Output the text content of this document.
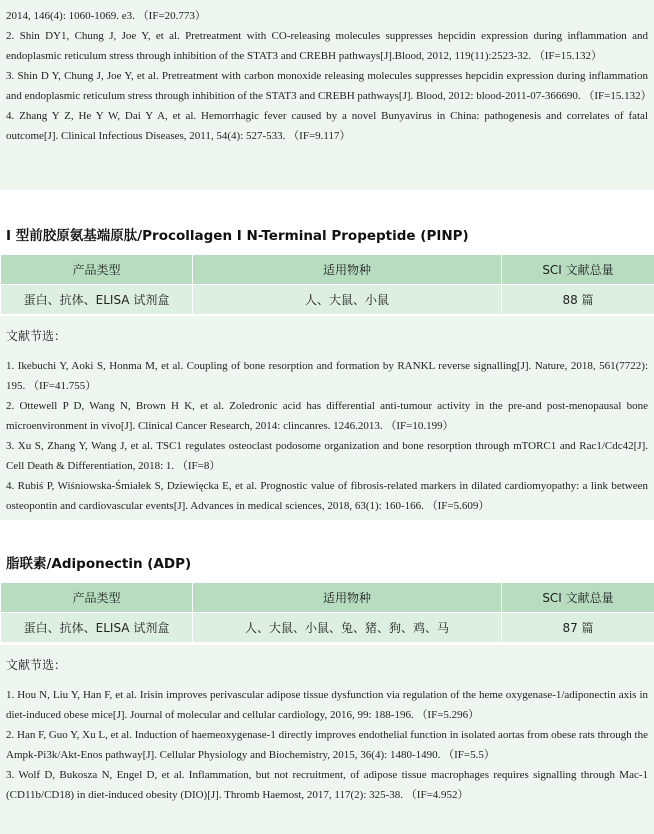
2014, 146(4): 1060-1069. e3. （IF=20.773）

2. Shin DY1, Chung J, Joe Y, et al. Pretreatment with CO-releasing molecules suppresses hepcidin expression during inflammation and endoplasmic reticulum stress through inhibition of the STAT3 and CREBH pathways[J].Blood, 2012, 119(11):2523-32. （IF=15.132）

3. Shin D Y, Chung J, Joe Y, et al. Pretreatment with carbon monoxide releasing molecules suppresses hepcidin expression during inflammation and endoplasmic reticulum stress through inhibition of the STAT3 and CREBH pathways[J]. Blood, 2012: blood-2011-07-366690. （IF=15.132）

4. Zhang Y Z, He Y W, Dai Y A, et al. Hemorrhagic fever caused by a novel Bunyavirus in China: pathogenesis and correlates of fatal outcome[J]. Clinical Infectious Diseases, 2011, 54(4): 527-533. （IF=9.117）

I 型前胶原氨基端原肽/Procollagen I N-Terminal Propeptide (PINP)
产品类型	适用物种	SCI 文献总量
蛋白、抗体、ELISA 试剂盒	人、大鼠、小鼠	88 篇

文献节选：

1. Ikebuchi Y, Aoki S, Honma M, et al. Coupling of bone resorption and formation by RANKL reverse signalling[J]. Nature, 2018, 561(7722): 195. （IF=41.755）

2. Ottewell P D, Wang N, Brown H K, et al. Zoledronic acid has differential anti-tumour activity in the pre-and post-menopausal bone microenvironment in vivo[J]. Clinical Cancer Research, 2014: clincanres. 1246.2013. （IF=10.199）

3. Xu S, Zhang Y, Wang J, et al. TSC1 regulates osteoclast podosome organization and bone resorption through mTORC1 and Rac1/Cdc42[J]. Cell Death & Differentiation, 2018: 1. （IF=8）

4. Rubiś P, Wiśniowska-Śmiałek S, Dziewięcka E, et al. Prognostic value of fibrosis-related markers in dilated cardiomyopathy: a link between osteopontin and cardiovascular events[J]. Advances in medical sciences, 2018, 63(1): 160-166. （IF=5.609）

脂联素/Adiponectin (ADP)
产品类型	适用物种	SCI 文献总量
蛋白、抗体、ELISA 试剂盒	人、大鼠、小鼠、兔、猪、狗、鸡、马	87 篇

文献节选：

1. Hou N, Liu Y, Han F, et al. Irisin improves perivascular adipose tissue dysfunction via regulation of the heme oxygenase-1/adiponectin axis in diet-induced obese mice[J]. Journal of molecular and cellular cardiology, 2016, 99: 188-196. （IF=5.296）

2. Han F, Guo Y, Xu L, et al. Induction of haemeoxygenase-1 directly improves endothelial function in isolated aortas from obese rats through the Ampk-Pi3k/Akt-Enos pathway[J]. Cellular Physiology and Biochemistry, 2015, 36(4): 1480-1490. （IF=5.5）

3. Wolf D, Bukosza N, Engel D, et al. Inflammation, but not recruitment, of adipose tissue macrophages requires signalling through Mac-1 (CD11b/CD18) in diet-induced obesity (DIO)[J]. Thromb Haemost, 2017, 117(2): 325-38. （IF=4.952）
